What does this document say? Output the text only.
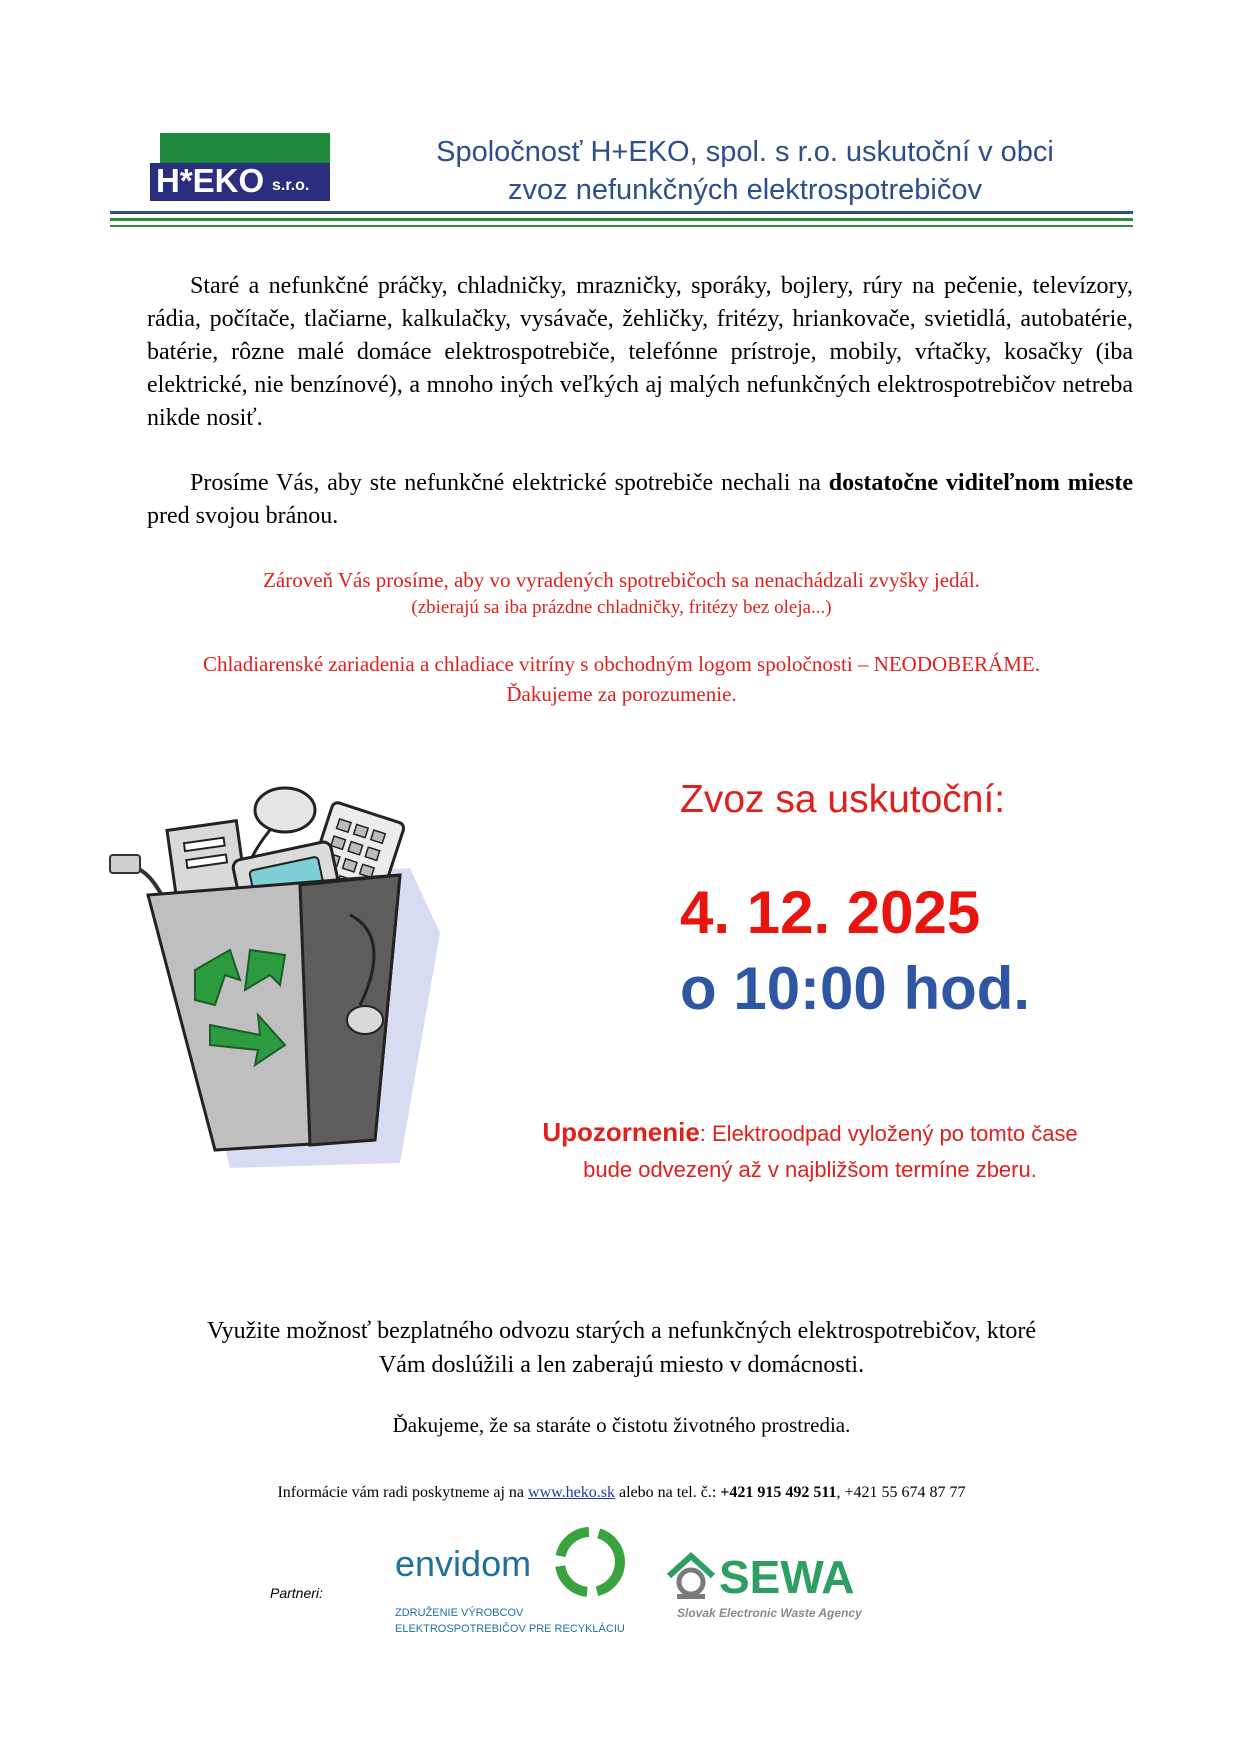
H*EKO s.r.o.
Spoločnosť H+EKO, spol. s r.o. uskutoční v obci
zvoz nefunkčných elektrospotrebičov
Staré a nefunkčné práčky, chladničky, mrazničky, sporáky, bojlery, rúry na pečenie, televízory, rádia, počítače, tlačiarne, kalkulačky, vysávače, žehličky, fritézy, hriankovače, svietidlá, autobatérie, batérie, rôzne malé domáce elektrospotrebiče, telefónne prístroje, mobily, vŕtačky, kosačky (iba elektrické, nie benzínové), a mnoho iných veľkých aj malých nefunkčných elektrospotrebičov netreba nikde nosiť.
Prosíme Vás, aby ste nefunkčné elektrické spotrebiče nechali na dostatočne viditeľnom mieste pred svojou bránou.
Zároveň Vás prosíme, aby vo vyradených spotrebičoch sa nenachádzali zvyšky jedál.
(zbierajú sa iba prázdne chladničky, fritézy bez oleja...)
Chladiarenské zariadenia a chladiace vitríny s obchodným logom spoločnosti – NEODOBERÁME.
Ďakujeme za porozumenie.
Zvoz sa uskutoční:
4. 12. 2025
o 10:00 hod.
Upozornenie: Elektroodpad vyložený po tomto čase
bude odvezený až v najbližšom termíne zberu.
Využite možnosť bezplatného odvozu starých a nefunkčných elektrospotrebičov, ktoré
Vám doslúžili a len zaberajú miesto v domácnosti.
Ďakujeme, že sa staráte o čistotu životného prostredia.
Informácie vám radi poskytneme aj na www.heko.sk alebo na tel. č.: +421 915 492 511, +421 55 674 87 77
Partneri:
envidom
ZDRUŽENIE VÝROBCOV
ELEKTROSPOTREBIČOV PRE RECYKLÁCIU
SEWA
Slovak Electronic Waste Agency
